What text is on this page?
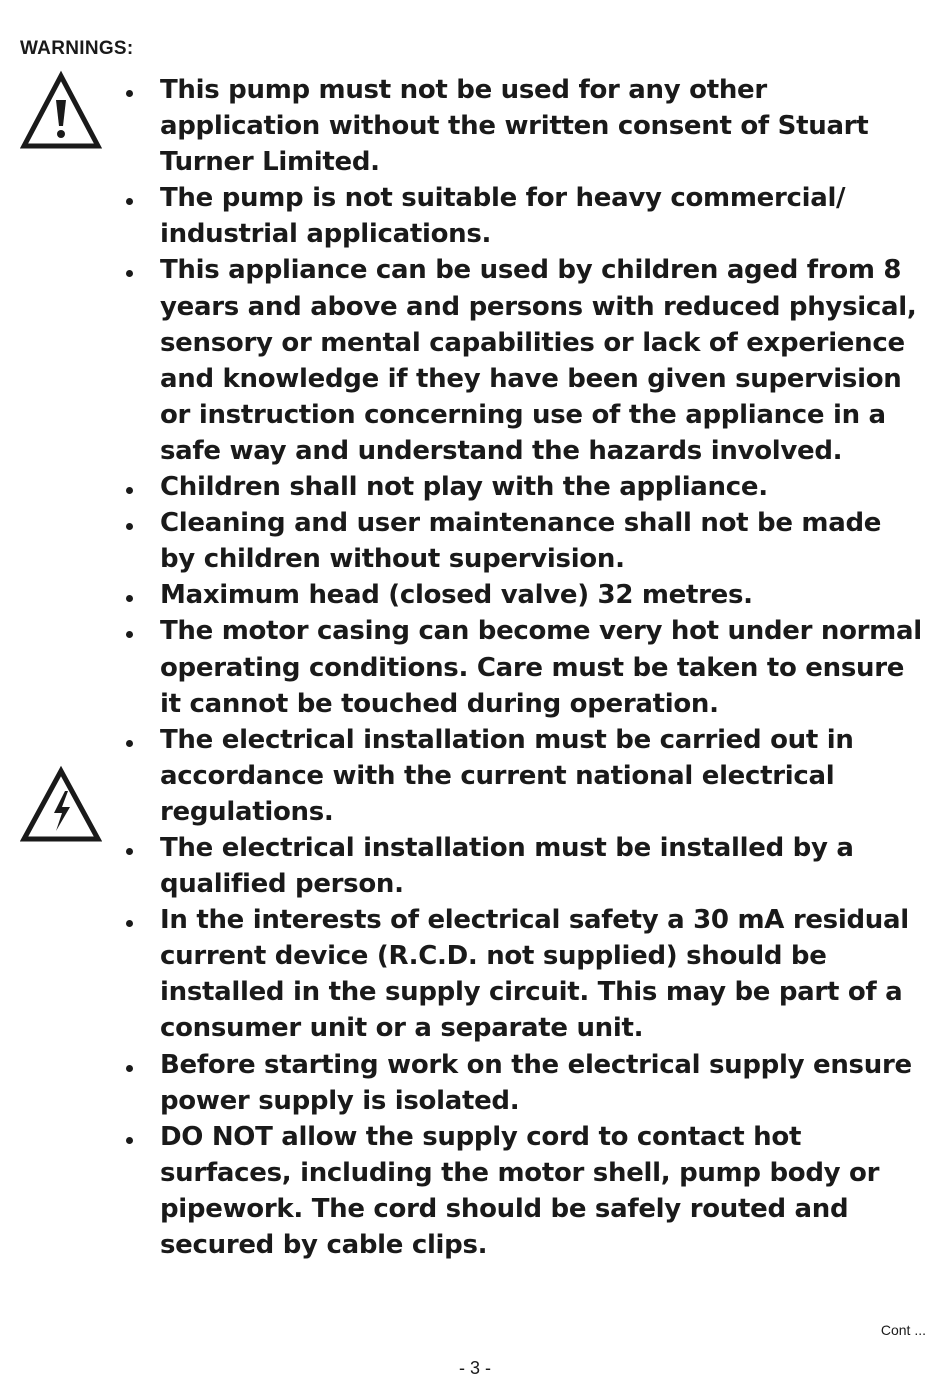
WARNINGS:
This pump must not be used for any other application without the written consent of Stuart Turner Limited.
The pump is not suitable for heavy commercial/ industrial applications.
This appliance can be used by children aged from 8 years and above and persons with reduced physical, sensory or mental capabilities or lack of experience and knowledge if they have been given supervision or instruction concerning use of the appliance in a safe way and understand the hazards involved.
Children shall not play with the appliance.
Cleaning and user maintenance shall not be made by children without supervision.
Maximum head (closed valve) 32 metres.
The motor casing can become very hot under normal operating conditions. Care must be taken to ensure it cannot be touched during operation.
The electrical installation must be carried out in accordance with the current national electrical regulations.
The electrical installation must be installed by a qualified person.
In the interests of electrical safety a 30 mA residual current device (R.C.D. not supplied) should be installed in the supply circuit. This may be part of a consumer unit or a separate unit.
Before starting work on the electrical supply ensure power supply is isolated.
DO NOT allow the supply cord to contact hot surfaces, including the motor shell, pump body or pipework. The cord should be safely routed and secured by cable clips.
Cont ...
- 3 -
